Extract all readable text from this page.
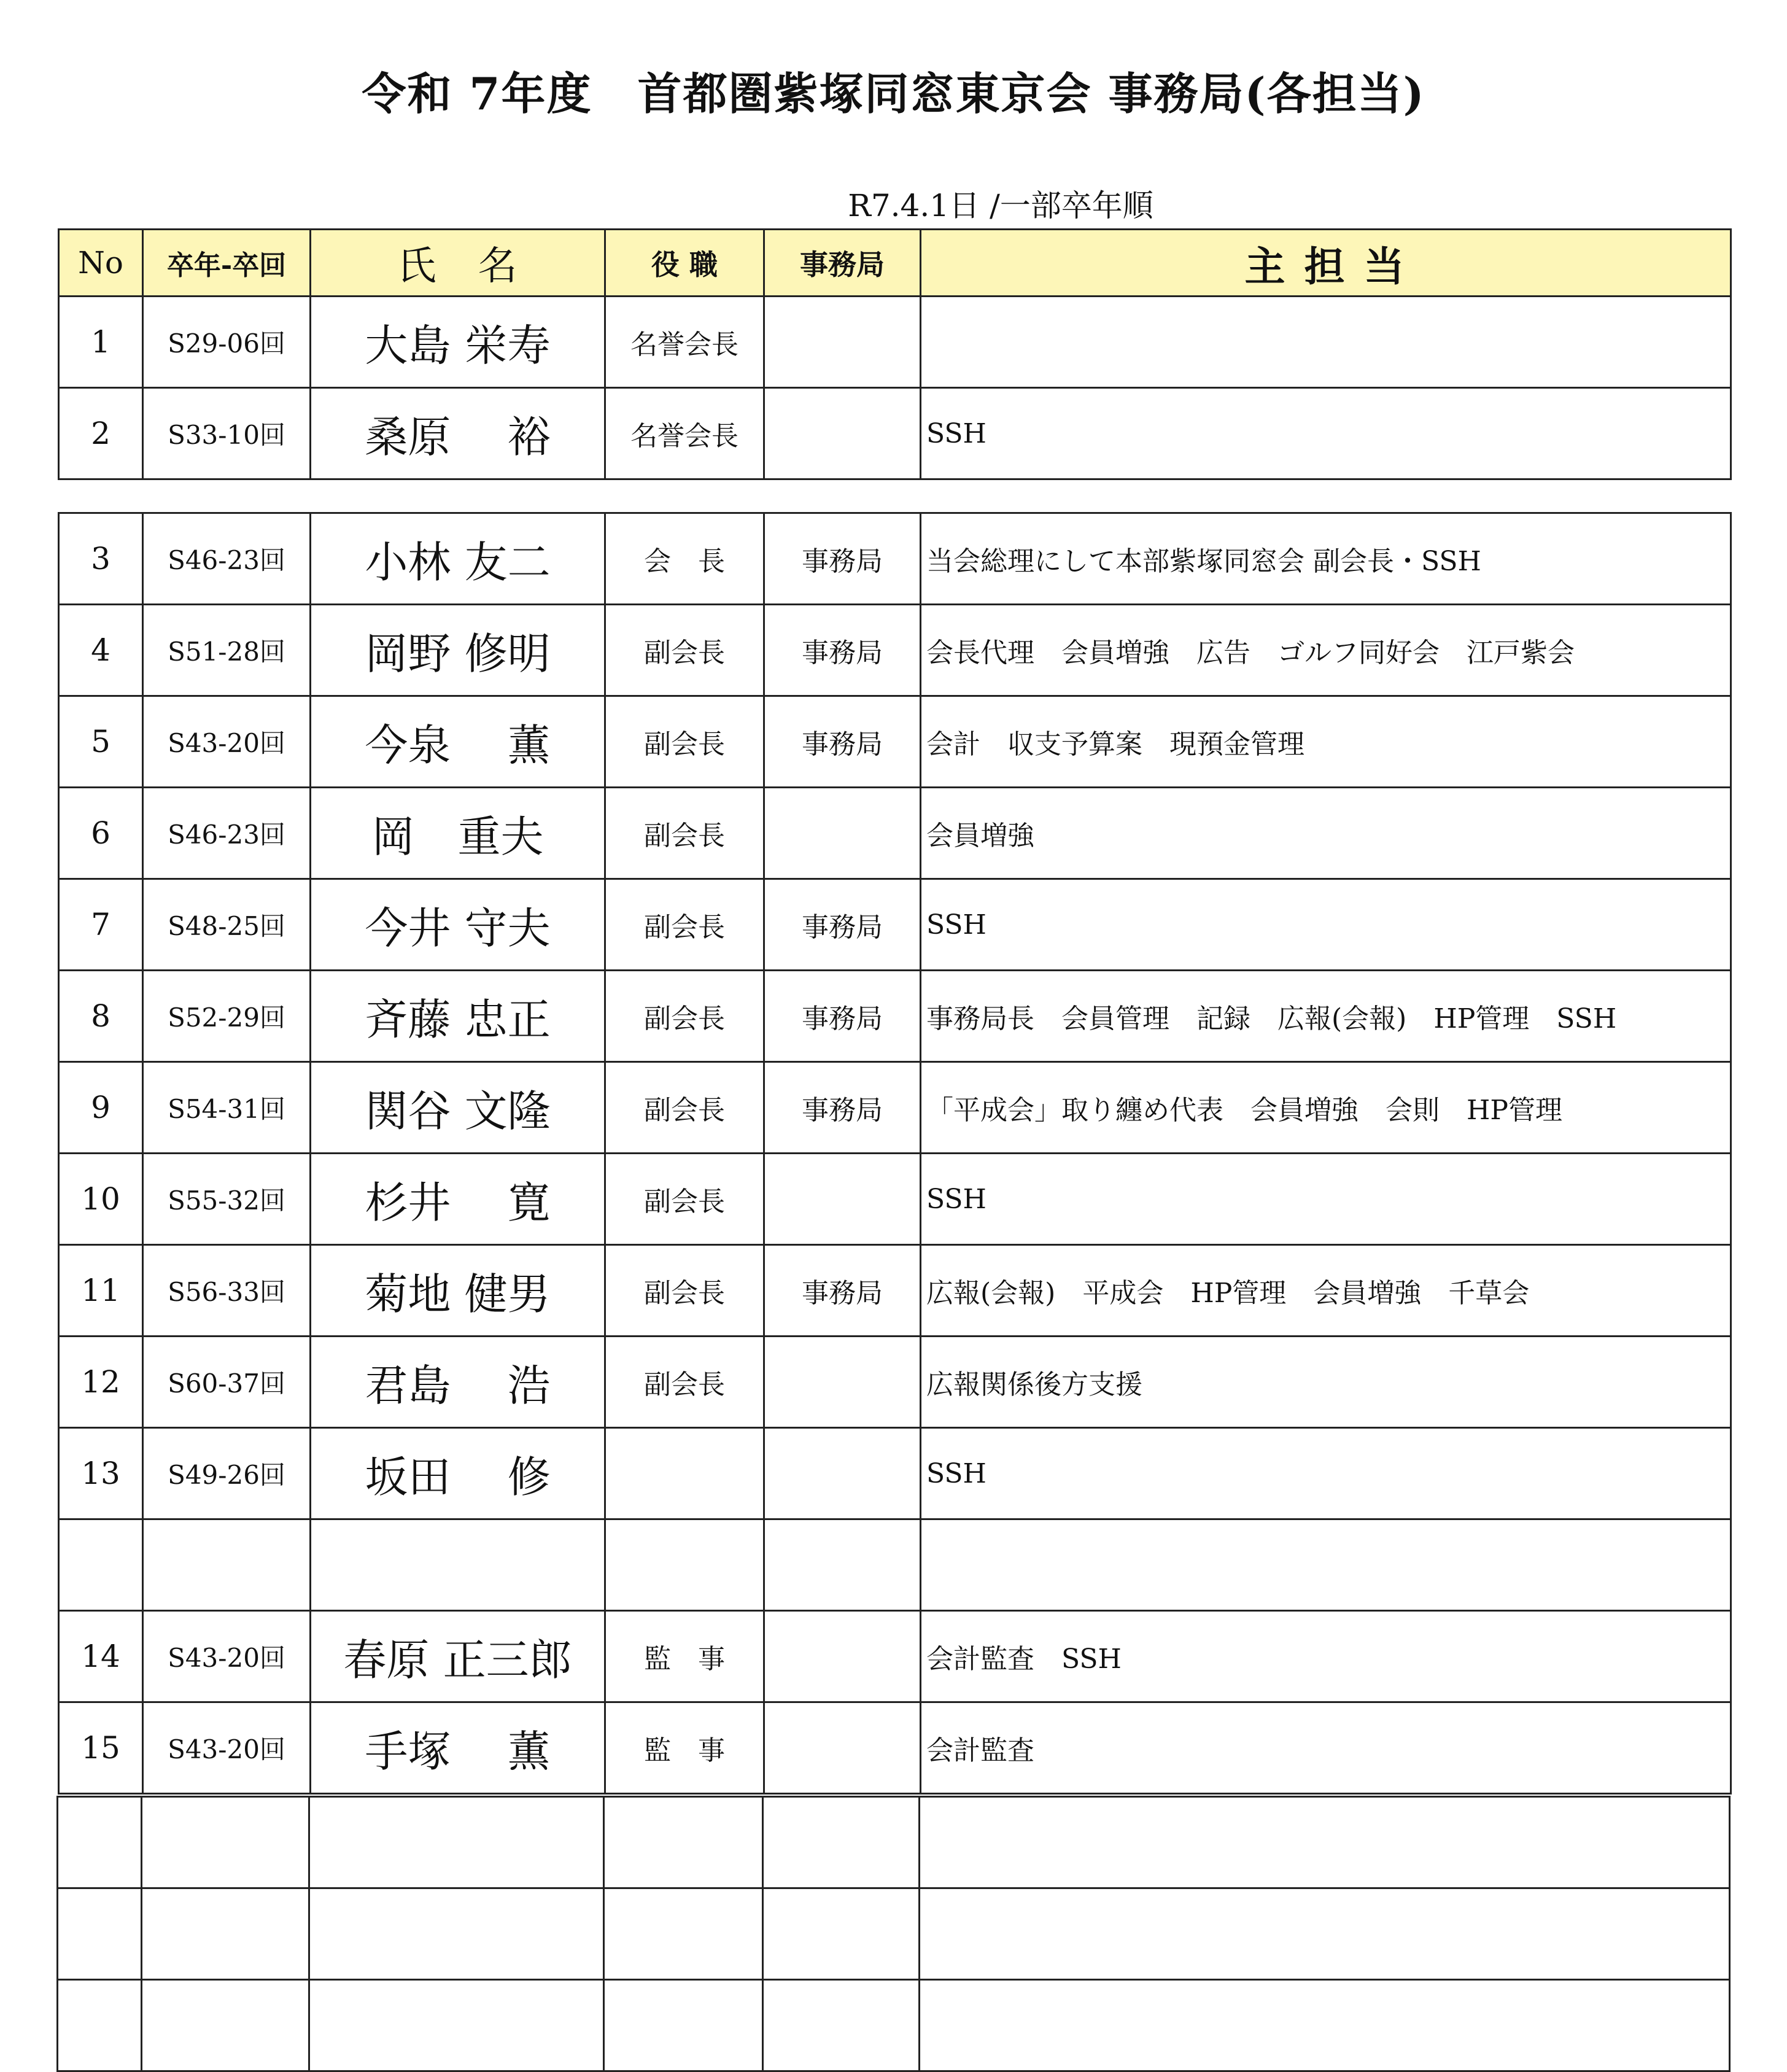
令和 7年度　首都圏紫塚同窓東京会 事務局(各担当)
R7.4.1日 /一部卒年順
No	卒年-卒回	氏　名	役 職	事務局	主 担 当
1	S29-06回	大島 栄寿	名誉会長		
2	S33-10回	桑原　 裕	名誉会長		SSH
3	S46-23回	小林 友二	会　長	事務局	当会総理にして本部紫塚同窓会 副会長・SSH
4	S51-28回	岡野 修明	副会長	事務局	会長代理　会員増強　広告　ゴルフ同好会　江戸紫会
5	S43-20回	今泉　 薫	副会長	事務局	会計　収支予算案　現預金管理
6	S46-23回	岡　重夫	副会長		会員増強
7	S48-25回	今井 守夫	副会長	事務局	SSH
8	S52-29回	斉藤 忠正	副会長	事務局	事務局長　会員管理　記録　広報(会報)　HP管理　SSH
9	S54-31回	関谷 文隆	副会長	事務局	「平成会」取り纏め代表　会員増強　会則　HP管理
10	S55-32回	杉井　 寛	副会長		SSH
11	S56-33回	菊地 健男	副会長	事務局	広報(会報)　平成会　HP管理　会員増強　千草会
12	S60-37回	君島　 浩	副会長		広報関係後方支援
13	S49-26回	坂田　 修			SSH

14	S43-20回	春原 正三郎	監　事		会計監査　SSH
15	S43-20回	手塚　 薫	監　事		会計監査
